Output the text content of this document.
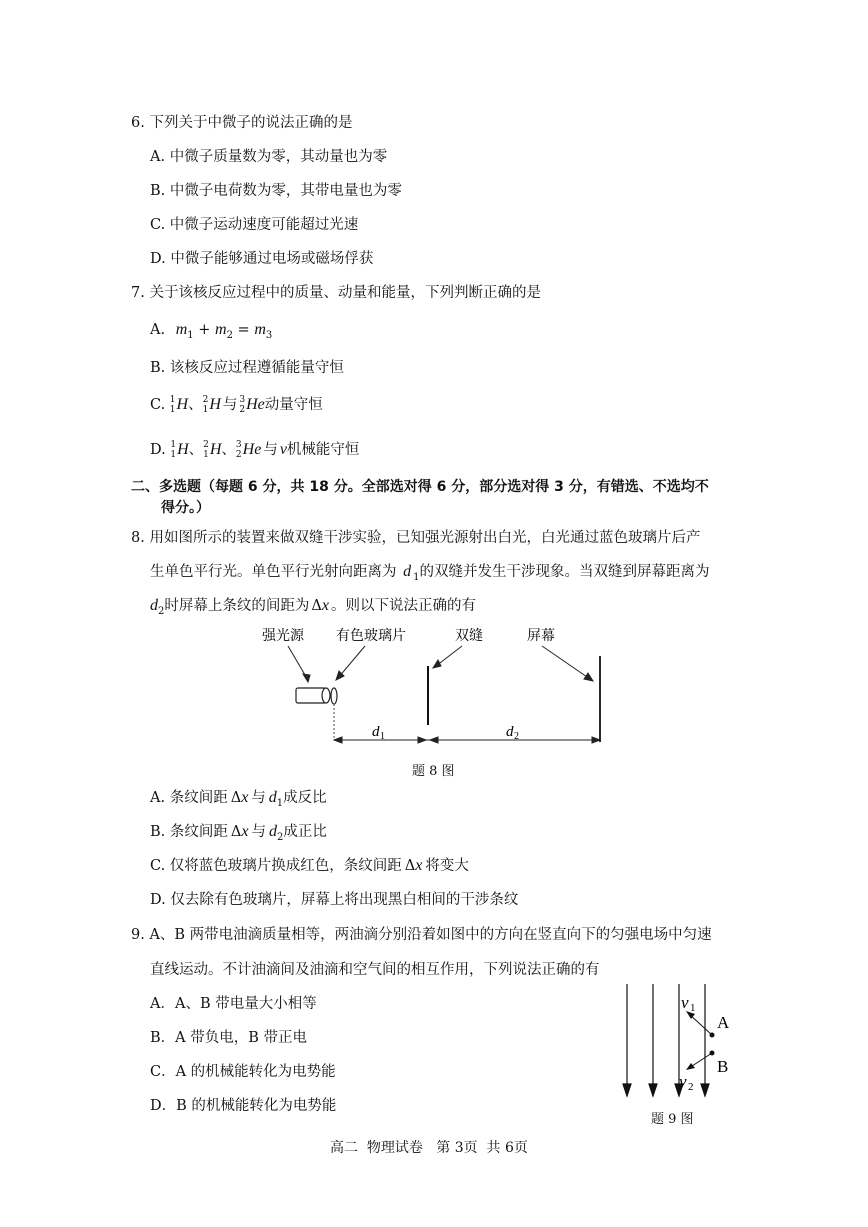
6. 下列关于中微子的说法正确的是
A. 中微子质量数为零，其动量也为零
B. 中微子电荷数为零，其带电量也为零
C. 中微子运动速度可能超过光速
D. 中微子能够通过电场或磁场俘获
7. 关于该核反应过程中的质量、动量和能量，下列判断正确的是
A. $m_1 + m_2 = m_3$
B. 该核反应过程遵循能量守恒
C. 1
1 H、 2
1 H 与 3
2 He动量守恒
D. 1
1 H、 2
1 H、 3
2 He 与 v机械能守恒
二、多选题（每题 6 分，共 18 分。全部选对得 6 分，部分选对得 3 分，有错选、不选均不
得分。）
8. 用如图所示的装置来做双缝干涉实验，已知强光源射出白光，白光通过蓝色玻璃片后产
生单色平行光。单色平行光射向距离为 d $_1$的双缝并发生干涉现象。当双缝到屏幕距离为
$d_2$时屏幕上条纹的间距为 Δx 。则以下说法正确的有
强光源 有色玻璃片	双缝	屏幕
d 1	d 2
题 8 图
A. 条纹间距 Δx 与 $d_1$成反比
B. 条纹间距 Δx 与 $d_2$成正比
C. 仅将蓝色玻璃片换成红色，条纹间距 Δx 将变大
D. 仅去除有色玻璃片，屏幕上将出现黑白相间的干涉条纹
9. A、B 两带电油滴质量相等，两油滴分别沿着如图中的方向在竖直向下的匀强电场中匀速
直线运动。不计油滴间及油滴和空气间的相互作用，下列说法正确的有
A．A、B 带电量大小相等
B．A 带负电，B 带正电
C．A 的机械能转化为电势能
D．B 的机械能转化为电势能
v 1
A
B
v 2
题 9 图
高二  物理试卷   第 3页  共 6页
